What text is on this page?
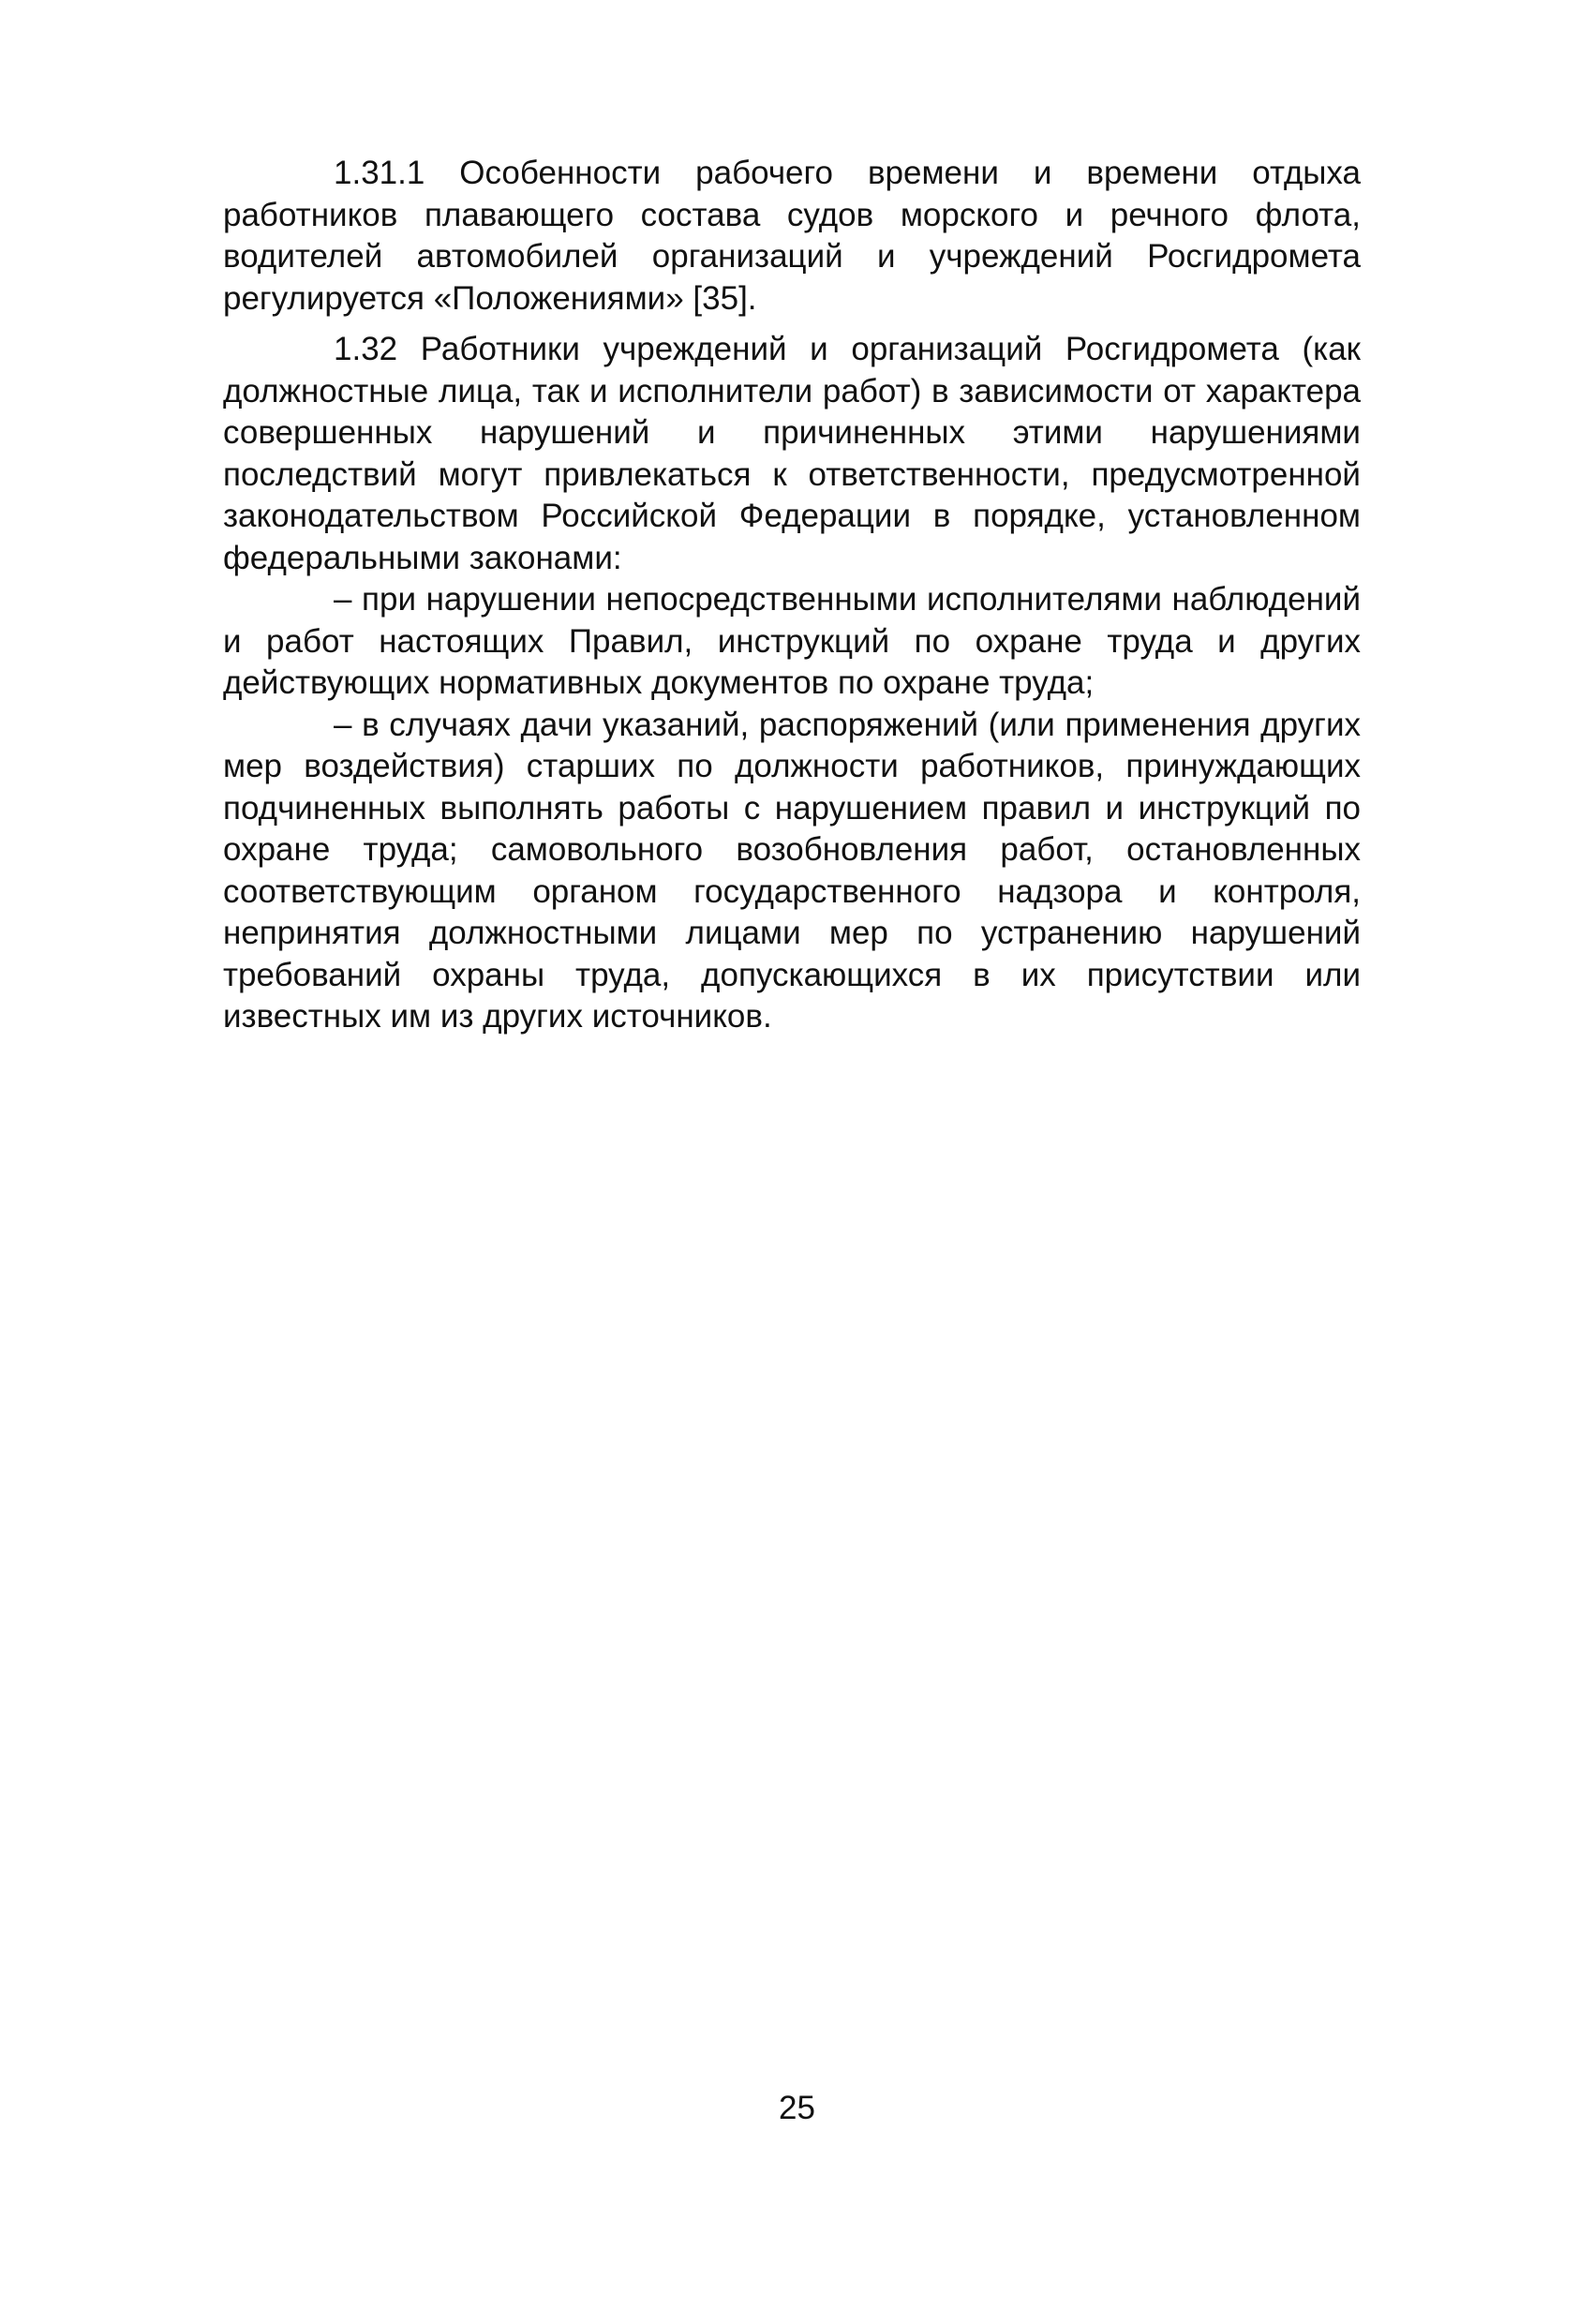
1.31.1 Особенности рабочего времени и времени отдыха работников плавающего состава судов морского и речного флота, водителей автомобилей организаций и учреждений Росгидромета регулируется «Положениями» [35].

1.32 Работники учреждений и организаций Росгидромета (как должностные лица, так и исполнители работ) в зависимости от характера совершенных нарушений и причиненных этими нарушениями последствий могут привлекаться к ответственности, предусмотренной законодательством Российской Федерации в порядке, установленном федеральными законами:

– при нарушении непосредственными исполнителями наблюдений и работ настоящих Правил, инструкций по охране труда и других действующих нормативных документов по охране труда;

– в случаях дачи указаний, распоряжений (или применения других мер воздействия) старших по должности работников, принуждающих подчиненных выполнять работы с нарушением правил и инструкций по охране труда; самовольного возобновления работ, остановленных соответствующим органом государственного надзора и контроля, непринятия должностными лицами мер по устранению нарушений требований охраны труда, допускающихся в их присутствии или известных им из других источников.

25
